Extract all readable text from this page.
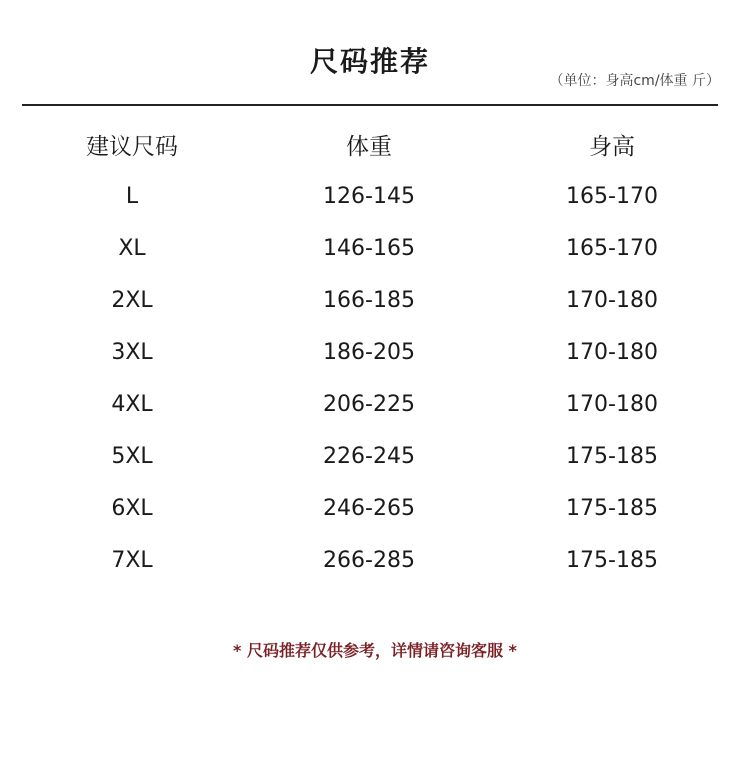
尺码推荐
（单位：身高cm/体重 斤）
建议尺码	体重	身高
L	126-145	165-170
XL	146-165	165-170
2XL	166-185	170-180
3XL	186-205	170-180
4XL	206-225	170-180
5XL	226-245	175-185
6XL	246-265	175-185
7XL	266-285	175-185
* 尺码推荐仅供参考，详情请咨询客服 *
